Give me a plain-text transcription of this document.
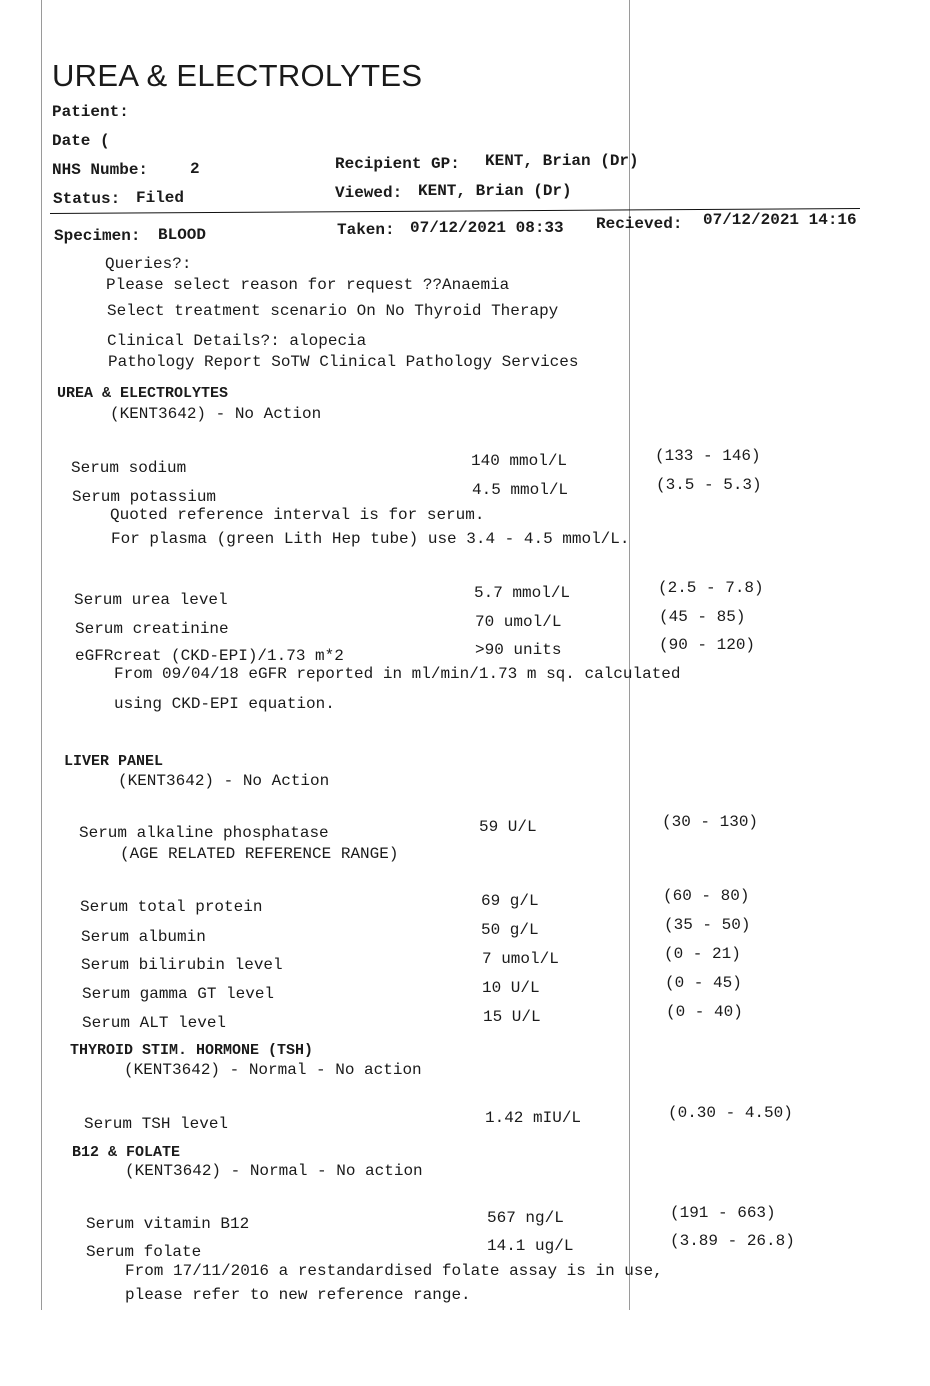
UREA & ELECTROLYTES
Patient:
Date (
NHS Numbe:	2
Status: Filed
Recipient GP: KENT, Brian (Dr)
Viewed: KENT, Brian (Dr)
Specimen: BLOOD	Taken: 07/12/2021 08:33 Recieved: 07/12/2021 14:16
Queries?:
Please select reason for request ??Anaemia
Select treatment scenario On No Thyroid Therapy
Clinical Details?: alopecia
Pathology Report SoTW Clinical Pathology Services
UREA & ELECTROLYTES
(KENT3642) - No Action
Serum sodium	140 mmol/L	(133 - 146)
Serum potassium	4.5 mmol/L	(3.5 - 5.3)
Quoted reference interval is for serum.
For plasma (green Lith Hep tube) use 3.4 - 4.5 mmol/L.
Serum urea level	5.7 mmol/L	(2.5 - 7.8)
Serum creatinine	70 umol/L	(45 - 85)
eGFRcreat (CKD-EPI)/1.73 m*2	>90 units	(90 - 120)
From 09/04/18 eGFR reported in ml/min/1.73 m sq. calculated
using CKD-EPI equation.
LIVER PANEL
(KENT3642) - No Action
Serum alkaline phosphatase	59 U/L	(30 - 130)
(AGE RELATED REFERENCE RANGE)
Serum total protein	69 g/L	(60 - 80)
Serum albumin	50 g/L	(35 - 50)
Serum bilirubin level	7 umol/L	(0 - 21)
Serum gamma GT level	10 U/L	(0 - 45)
Serum ALT level	15 U/L	(0 - 40)
THYROID STIM. HORMONE (TSH)
(KENT3642) - Normal - No action
Serum TSH level	1.42 mIU/L	(0.30 - 4.50)
B12 & FOLATE
(KENT3642) - Normal - No action
Serum vitamin B12	567 ng/L	(191 - 663)
Serum folate	14.1 ug/L	(3.89 - 26.8)
From 17/11/2016 a restandardised folate assay is in use,
please refer to new reference range.
